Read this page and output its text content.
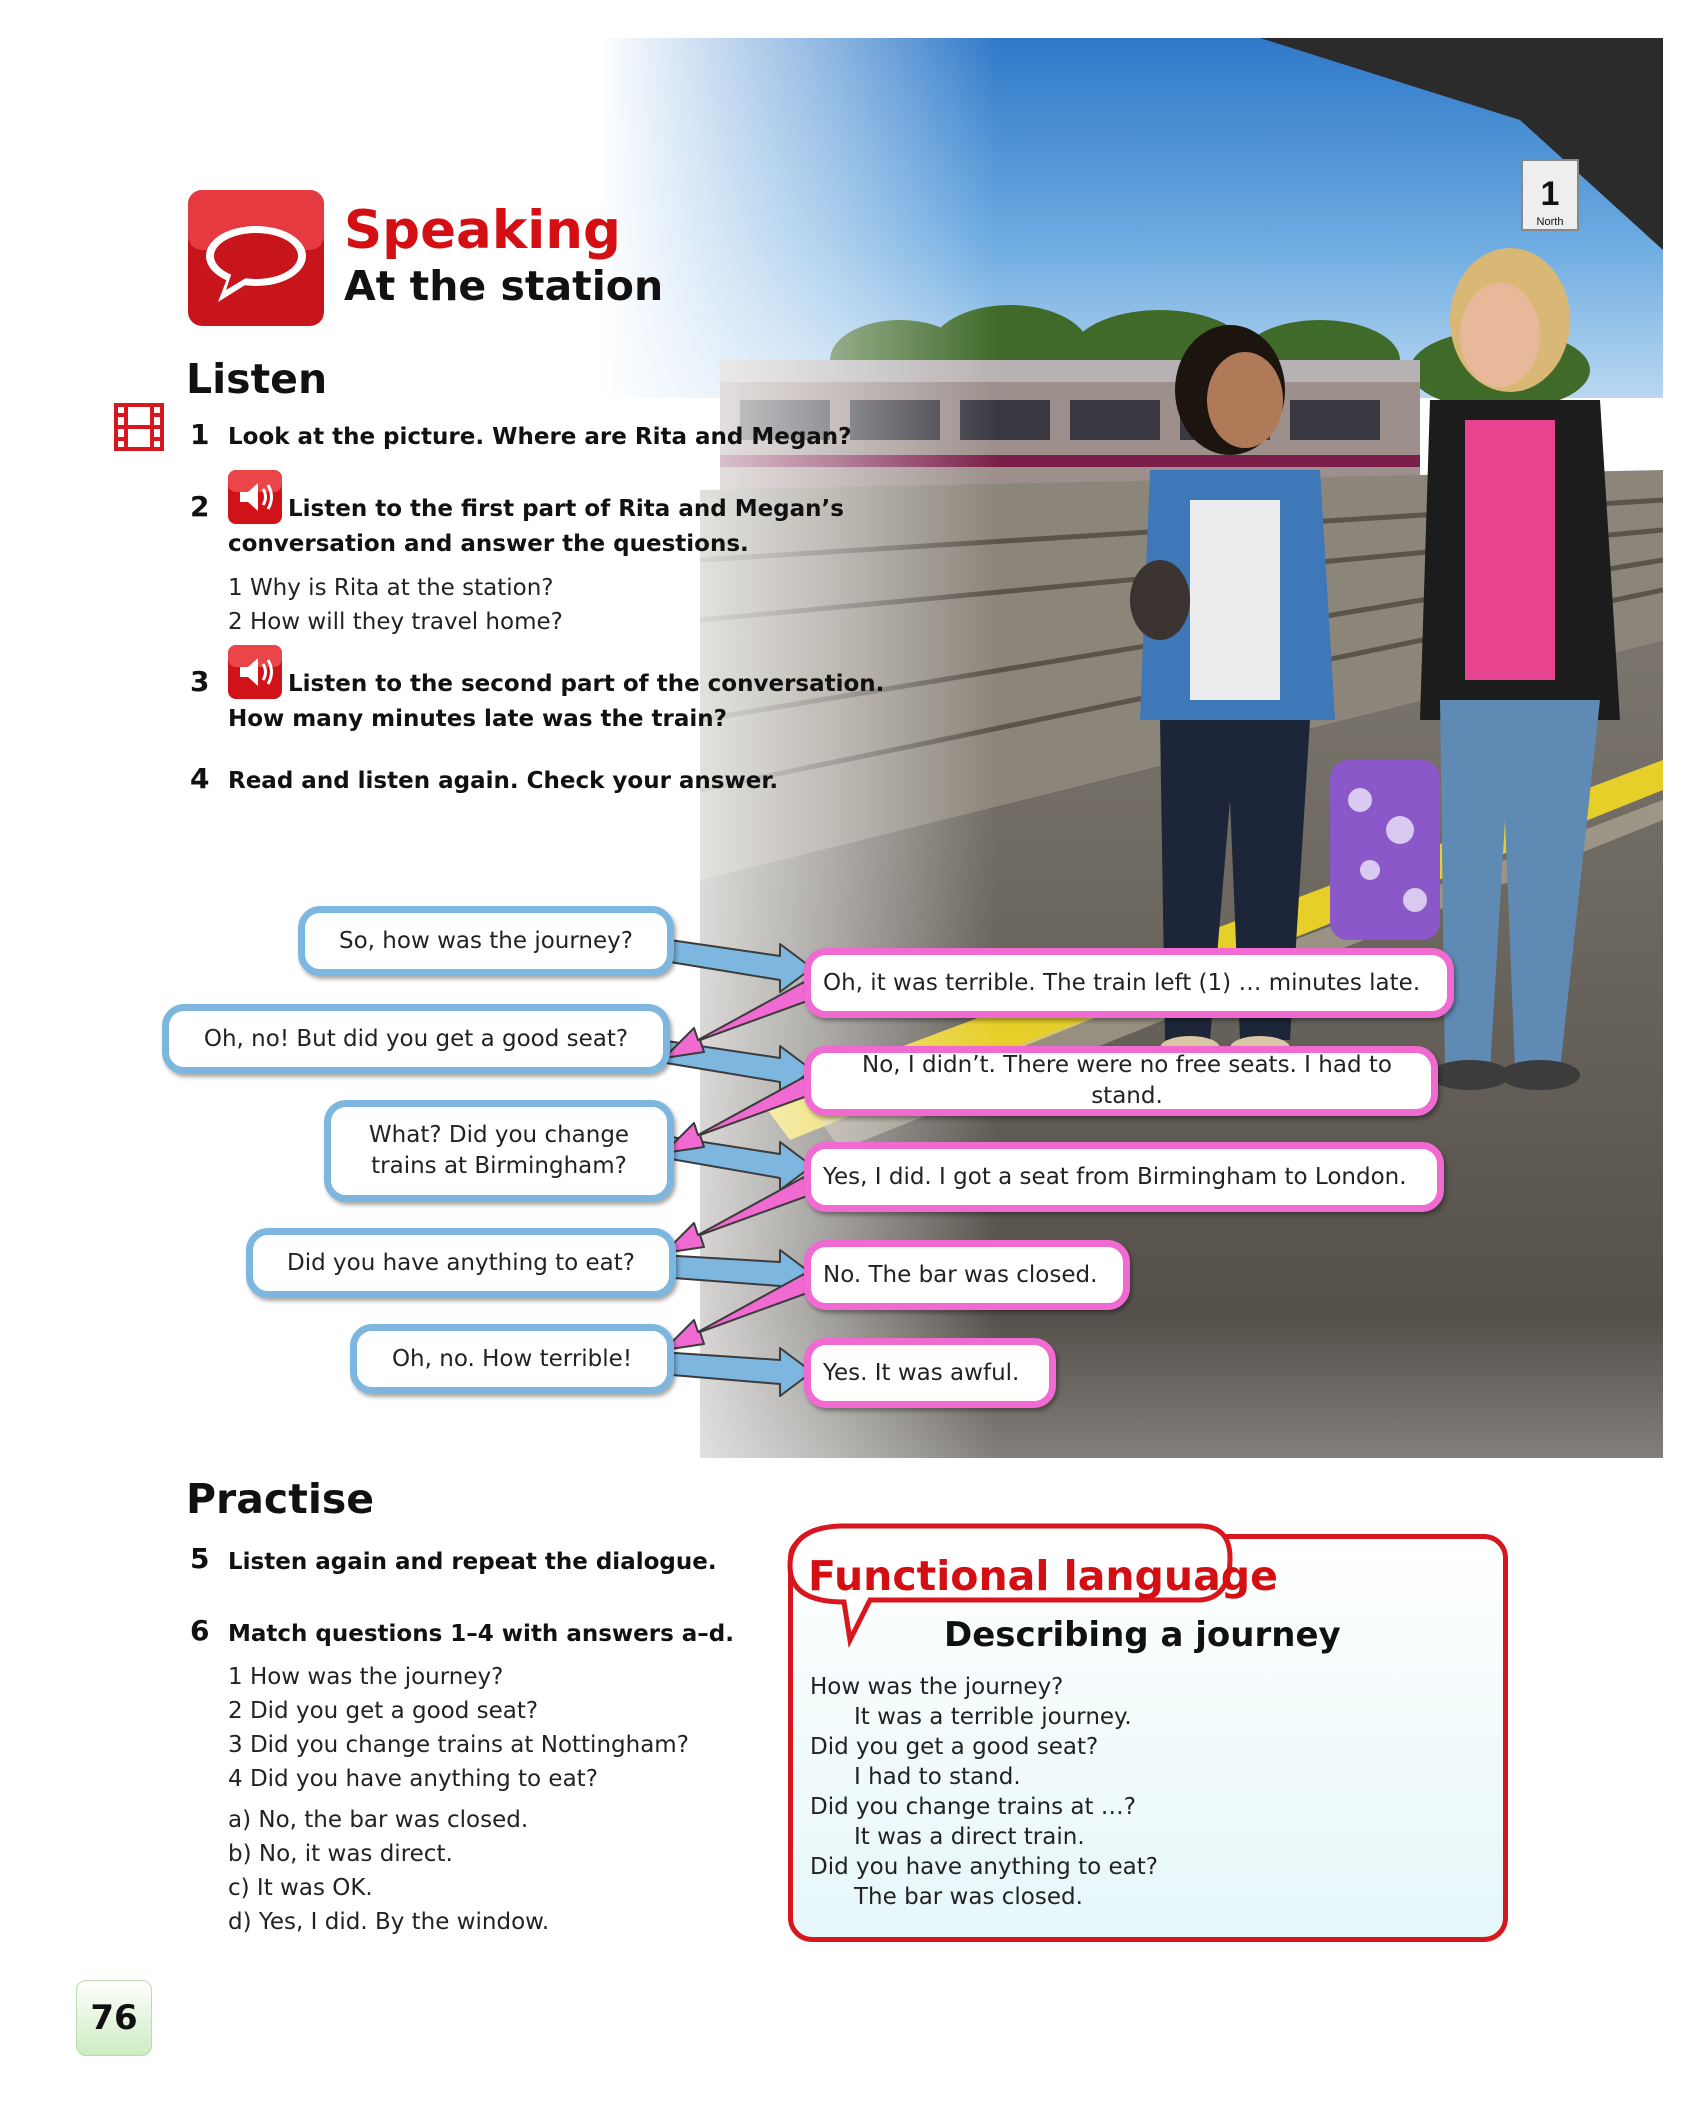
Speaking
At the station
Listen
1 Look at the picture. Where are Rita and Megan?
2	Listen to the first part of Rita and Megan’s
conversation and answer the questions.
1 Why is Rita at the station?
2 How will they travel home?
3	Listen to the second part of the conversation.
How many minutes late was the train?
4 Read and listen again. Check your answer.
So, how was the journey?
Oh, no! But did you get a good seat?
What? Did you change
trains at Birmingham?
Did you have anything to eat?
Oh, no. How terrible!
Oh, it was terrible. The train left (1) … minutes late.
No, I didn’t. There were no free seats. I had to stand.
Yes, I did. I got a seat from Birmingham to London.
No. The bar was closed.
Yes. It was awful.
Practise
5 Listen again and repeat the dialogue.
6 Match questions 1–4 with answers a–d.
1 How was the journey?
2 Did you get a good seat?
3 Did you change trains at Nottingham?
4 Did you have anything to eat?
a) No, the bar was closed.
b) No, it was direct.
c) It was OK.
d) Yes, I did. By the window.
Functional language
Describing a journey
How was the journey?
It was a terrible journey.
Did you get a good seat?
I had to stand.
Did you change trains at …?
It was a direct train.
Did you have anything to eat?
The bar was closed.
76
